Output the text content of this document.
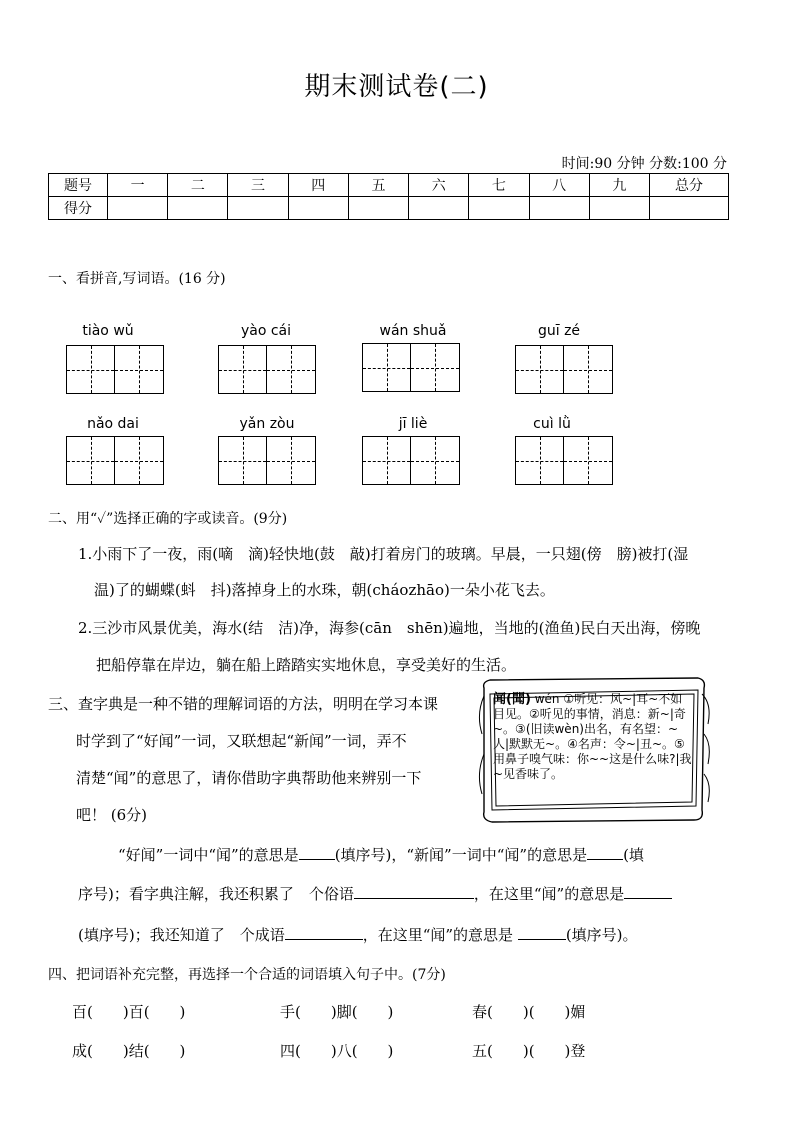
期末测试卷(二)
时间:90 分钟 分数:100 分
题号	一	二	三	四	五	六	七	八	九	总分
得分										
一、看拼音,写词语。(16 分)
tiào wǔ	yào cái	wán shuǎ	guī zé
nǎo dai	yǎn zòu	jī liè	cuì lǜ
二、用“✓”选择正确的字或读音。(9分)
1.小雨下了一夜，雨(嘀　滴)轻快地(鼓　敲)打着房门的玻璃。早晨，一只翅(傍　膀)被打(湿
温)了的蝴蝶(蚪　抖)落掉身上的水珠，朝(cháozhāo)一朵小花飞去。
2.三沙市风景优美，海水(结　洁)净，海参(cān　shēn)遍地，当地的(渔鱼)民白天出海，傍晚
把船停靠在岸边，躺在船上踏踏实实地休息，享受美好的生活。
三、查字典是一种不错的理解词语的方法，明明在学习本课
时学到了“好闻”一词，又联想起“新闻”一词，弄不
清楚“闻”的意思了，请你借助字典帮助他来辨别一下
吧！ (6分)
闻(聞) wén ①听见：风~|耳~不如目见。②听见的事情，消息：新~|奇~。③(旧读wèn)出名，有名望：~人|默默无~。④名声：令~|丑~。⑤用鼻子嗅气味：你~~这是什么味?|我~见香味了。
“好闻”一词中“闻”的意思是 (填序号)，“新闻”一词中“闻”的意思是 (填
序号)；看字典注解，我还积累了　个俗语	，在这里“闻”的意思是
(填序号)；我还知道了　个成语	，在这里“闻”的意思是	(填序号)。
四、把词语补充完整，再选择一个合适的词语填入句子中。(7分)
百(　　)百(　　)	手(　　)脚(　　)	春(　　)(　　)媚
成(　　)结(　　)	四(　　)八(　　)	五(　　)(　　)登
